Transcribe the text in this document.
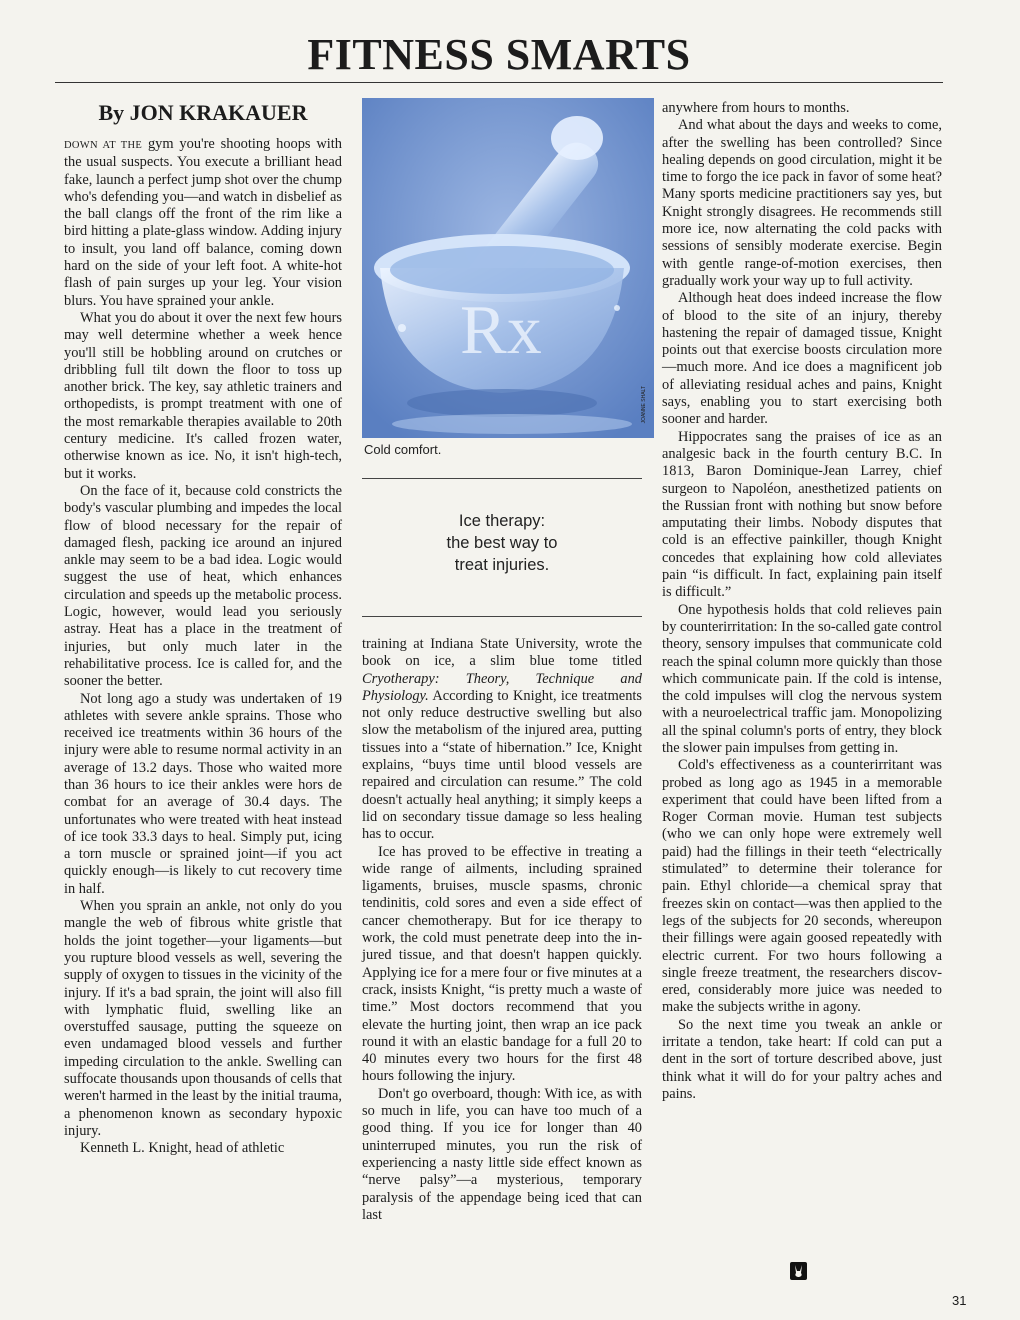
FITNESS SMARTS
By JON KRAKAUER

DOWN AT THE gym you're shooting hoops with the usual suspects. You execute a brilliant head fake, launch a perfect jump shot over the chump who's defending you—and watch in disbelief as the ball clangs off the front of the rim like a bird hitting a plate-glass window. Adding injury to insult, you land off balance, coming down hard on the side of your left foot. A white-hot flash of pain surges up your leg. Your vision blurs. You have sprained your ankle.

What you do about it over the next few hours may well determine whether a week hence you'll still be hobbling around on crutches or dribbling full tilt down the floor to toss up another brick. The key, say athletic trainers and orthopedists, is prompt treatment with one of the most remarkable therapies available to 20th century medicine. It's called frozen water, otherwise known as ice. No, it isn't high-tech, but it works.

On the face of it, because cold constricts the body's vascular plumbing and impedes the local flow of blood necessary for the repair of damaged flesh, packing ice around an injured ankle may seem to be a bad idea. Logic would suggest the use of heat, which enhances circulation and speeds up the metabolic process. Logic, however, would lead you seriously astray. Heat has a place in the treatment of injuries, but only much later in the rehabilitative process. Ice is called for, and the sooner the better.

Not long ago a study was undertaken of 19 athletes with severe ankle sprains. Those who received ice treatments within 36 hours of the injury were able to resume normal activity in an average of 13.2 days. Those who waited more than 36 hours to ice their ankles were hors de combat for an average of 30.4 days. The unfortunates who were treated with heat instead of ice took 33.3 days to heal. Simply put, icing a torn muscle or sprained joint—if you act quickly enough—is likely to cut recovery time in half.

When you sprain an ankle, not only do you mangle the web of fibrous white gristle that holds the joint together—your ligaments—but you rupture blood vessels as well, severing the supply of oxygen to tissues in the vicinity of the injury. If it's a bad sprain, the joint will also fill with lymphatic fluid, swelling like an overstuffed sausage, putting the squeeze on even undamaged blood vessels and further impeding circulation to the ankle. Swelling can suffocate thousands upon thousands of cells that weren't harmed in the least by the initial trauma, a phenomenon known as secondary hypoxic injury.

Kenneth L. Knight, head of athletic

Rx
JOANNE SHALT
Cold comfort.
Ice therapy:
the best way to
treat injuries.

training at Indiana State University, wrote the book on ice, a slim blue tome titled Cryotherapy: Theory, Technique and Physiology. According to Knight, ice treatments not only reduce destructive swelling but also slow the metabolism of the injured area, putting tissues into a “state of hibernation.” Ice, Knight explains, “buys time until blood vessels are repaired and circulation can resume.” The cold doesn't actually heal anything; it simply keeps a lid on secondary tissue damage so less healing has to occur.

Ice has proved to be effective in treating a wide range of ailments, including sprained ligaments, bruises, muscle spasms, chronic tendinitis, cold sores and even a side effect of cancer chemotherapy. But for ice therapy to work, the cold must penetrate deep into the injured tissue, and that doesn't happen quickly. Applying ice for a mere four or five minutes at a crack, insists Knight, “is pretty much a waste of time.” Most doctors recommend that you elevate the hurting joint, then wrap an ice pack round it with an elastic bandage for a full 20 to 40 minutes every two hours for the first 48 hours following the injury.

Don't go overboard, though: With ice, as with so much in life, you can have too much of a good thing. If you ice for longer than 40 uninterruped minutes, you run the risk of experiencing a nasty little side effect known as “nerve palsy”—a mysterious, temporary paralysis of the appendage being iced that can last

anywhere from hours to months.

And what about the days and weeks to come, after the swelling has been controlled? Since healing depends on good circulation, might it be time to forgo the ice pack in favor of some heat? Many sports medicine practitioners say yes, but Knight strongly disagrees. He recommends still more ice, now alternating the cold packs with sessions of sensibly moderate exercise. Begin with gentle range-of-motion exercises, then gradually work your way up to full activity.

Although heat does indeed increase the flow of blood to the site of an injury, thereby hastening the repair of damaged tissue, Knight points out that exercise boosts circulation more—much more. And ice does a magnificent job of alleviating residual aches and pains, Knight says, enabling you to start exercising both sooner and harder.

Hippocrates sang the praises of ice as an analgesic back in the fourth century B.C. In 1813, Baron Dominique-Jean Larrey, chief surgeon to Napoléon, anesthetized patients on the Russian front with nothing but snow before amputating their limbs. Nobody disputes that cold is an effective painkiller, though Knight concedes that explaining how cold alleviates pain “is difficult. In fact, explaining pain itself is difficult.”

One hypothesis holds that cold relieves pain by counterirritation: In the so-called gate control theory, sensory impulses that communicate cold reach the spinal column more quickly than those which communicate pain. If the cold is intense, the cold impulses will clog the nervous system with a neuroelectrical traffic jam. Monopolizing all the spinal column's ports of entry, they block the slower pain impulses from getting in.

Cold's effectiveness as a counterirritant was probed as long ago as 1945 in a memorable experiment that could have been lifted from a Roger Corman movie. Human test subjects (who we can only hope were extremely well paid) had the fillings in their teeth “electrically stimulated” to determine their tolerance for pain. Ethyl chloride—a chemical spray that freezes skin on contact—was then applied to the legs of the subjects for 20 seconds, whereupon their fillings were again goosed repeatedly with electric current. For two hours following a single freeze treatment, the researchers discovered, considerably more juice was needed to make the subjects writhe in agony.

So the next time you tweak an ankle or irritate a tendon, take heart: If cold can put a dent in the sort of torture described above, just think what it will do for your paltry aches and pains.

31
